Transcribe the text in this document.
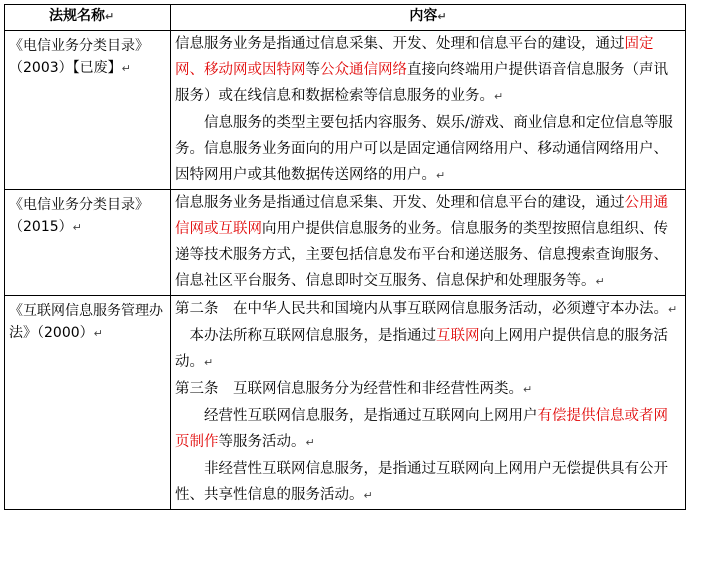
法规名称↵	内容↵
《电信业务分类目录》（2003）【已废】↵	信息服务业务是指通过信息采集、开发、处理和信息平台的建设，通过固定网、移动网或因特网等公众通信网络直接向终端用户提供语音信息服务（声讯服务）或在线信息和数据检索等信息服务的业务。↵

信息服务的类型主要包括内容服务、娱乐/游戏、商业信息和定位信息等服务。信息服务业务面向的用户可以是固定通信网络用户、移动通信网络用户、因特网用户或其他数据传送网络的用户。↵

《电信业务分类目录》（2015）↵	信息服务业务是指通过信息采集、开发、处理和信息平台的建设，通过公用通信网或互联网向用户提供信息服务的业务。信息服务的类型按照信息组织、传递等技术服务方式，主要包括信息发布平台和递送服务、信息搜索查询服务、信息社区平台服务、信息即时交互服务、信息保护和处理服务等。↵

《互联网信息服务管理办法》（2000）↵	第二条　在中华人民共和国境内从事互联网信息服务活动，必须遵守本办法。↵

本办法所称互联网信息服务，是指通过互联网向上网用户提供信息的服务活动。↵

第三条　互联网信息服务分为经营性和非经营性两类。↵

经营性互联网信息服务，是指通过互联网向上网用户有偿提供信息或者网页制作等服务活动。↵

非经营性互联网信息服务，是指通过互联网向上网用户无偿提供具有公开性、共享性信息的服务活动。↵
